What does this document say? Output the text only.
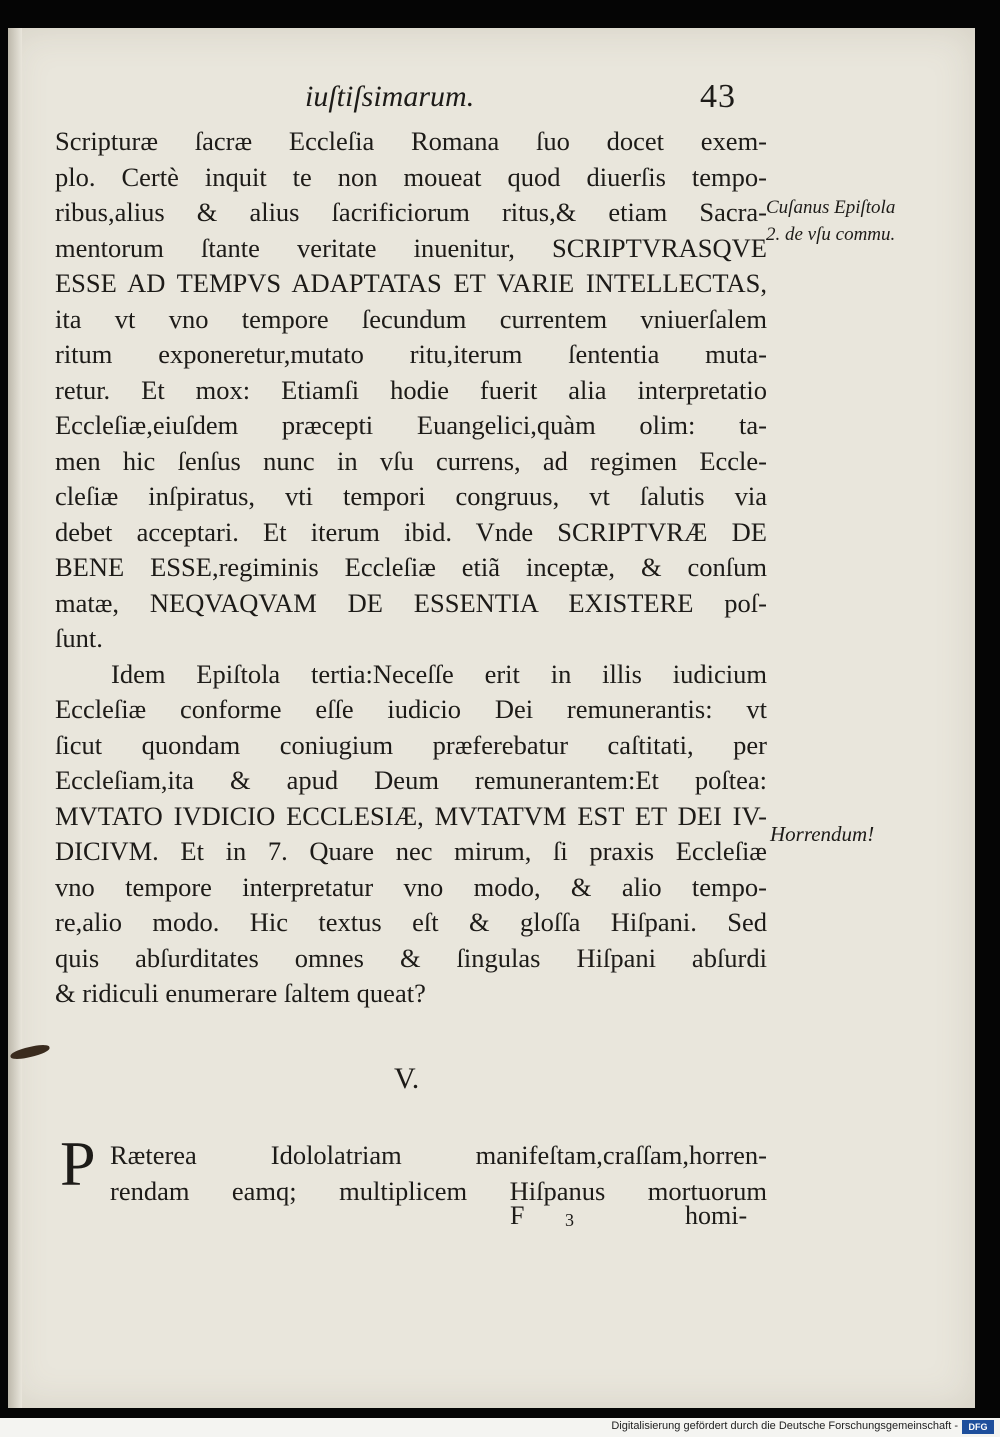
iuſtiſsimarum.	43
Scripturæ ſacræ Eccleſia Romana ſuo docet exem-
plo. Certè inquit te non moueat quod diuerſis tempo-
ribus,alius & alius ſacrificiorum ritus,& etiam Sacra-
mentorum ſtante veritate inuenitur, SCRIPTVRASQVE
ESSE AD TEMPVS ADAPTATAS ET VARIE INTELLECTAS,
ita vt vno tempore ſecundum currentem vniuerſalem
ritum exponeretur,mutato ritu,iterum ſententia muta-
retur. Et mox: Etiamſi hodie fuerit alia interpretatio
Eccleſiæ,eiuſdem præcepti Euangelici,quàm olim: ta-
men hic ſenſus nunc in vſu currens, ad regimen Eccle-
cleſiæ inſpiratus, vti tempori congruus, vt ſalutis via
debet acceptari. Et iterum ibid. Vnde SCRIPTVRÆ DE
BENE ESSE,regiminis Eccleſiæ etiã inceptæ, & conſum
matæ, NEQVAQVAM DE ESSENTIA EXISTERE poſ-
ſunt.
Idem Epiſtola tertia:Neceſſe erit in illis iudicium
Eccleſiæ conforme eſſe iudicio Dei remunerantis: vt
ſicut quondam coniugium præferebatur caſtitati, per
Eccleſiam,ita & apud Deum remunerantem:Et poſtea:
MVTATO IVDICIO ECCLESIÆ, MVTATVM EST ET DEI IV-
DICIVM. Et in 7. Quare nec mirum, ſi praxis Eccleſiæ
vno tempore interpretatur vno modo, & alio tempo-
re,alio modo. Hic textus eſt & gloſſa Hiſpani. Sed
quis abſurditates omnes & ſingulas Hiſpani abſurdi
& ridiculi enumerare ſaltem queat?
Cuſanus Epiſtola
2. de vſu commu.
Horrendum!
V.
P Ræterea Idololatriam manifeſtam,craſſam,horren-
rendam eamq; multiplicem Hiſpanus mortuorum
F 3	homi-
Digitalisierung gefördert durch die Deutsche Forschungsgemeinschaft -	DFG
